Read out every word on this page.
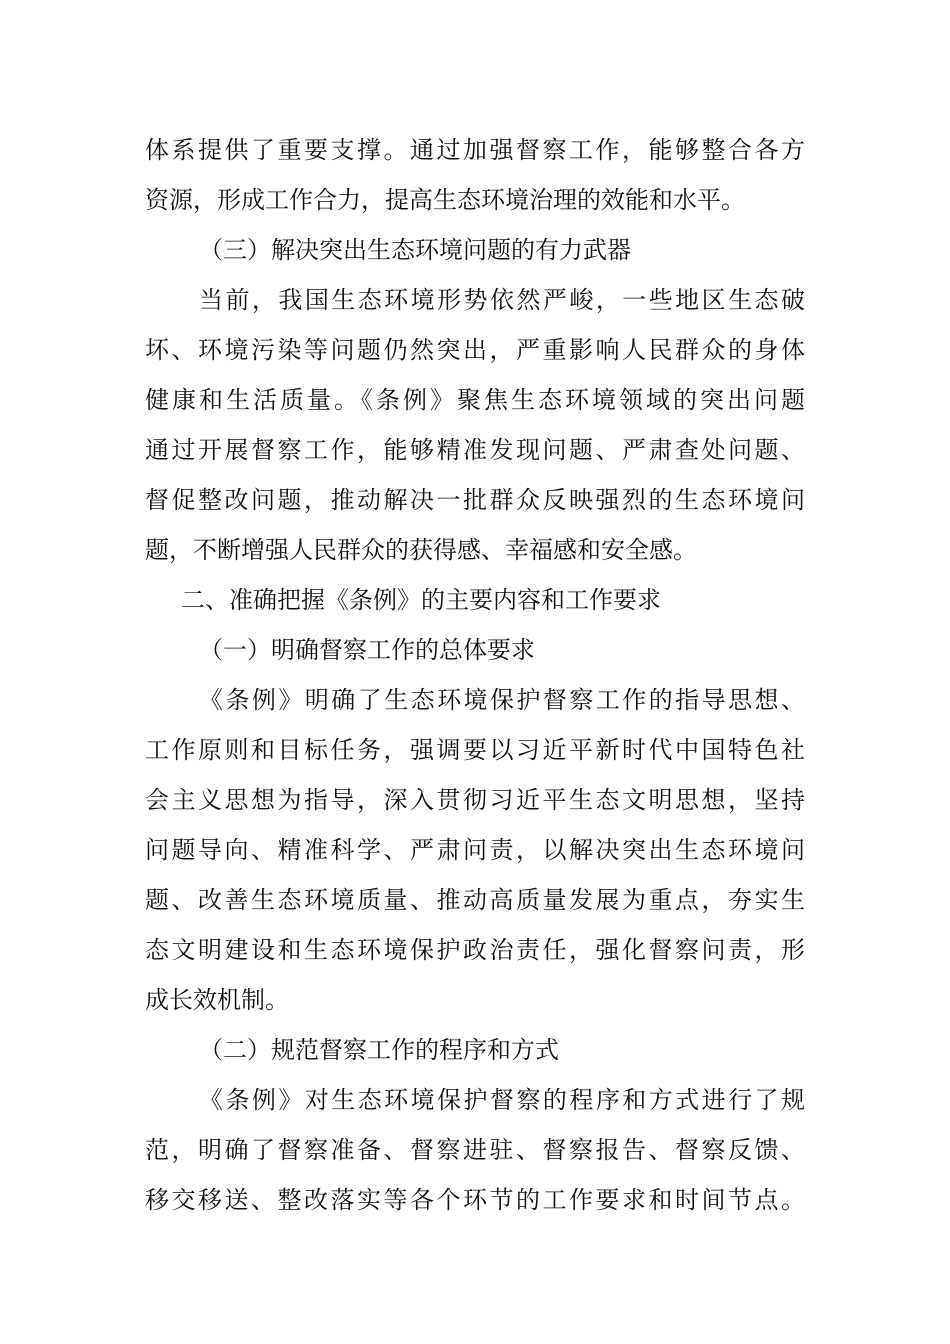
体系提供了重要支撑。通过加强督察工作，能够整合各方
资源，形成工作合力，提高生态环境治理的效能和水平。
（三）解决突出生态环境问题的有力武器
当前，我国生态环境形势依然严峻，一些地区生态破
坏、环境污染等问题仍然突出，严重影响人民群众的身体
健康和生活质量。《条例》聚焦生态环境领域的突出问题
通过开展督察工作，能够精准发现问题、严肃查处问题、
督促整改问题，推动解决一批群众反映强烈的生态环境问
题，不断增强人民群众的获得感、幸福感和安全感。
二、准确把握《条例》的主要内容和工作要求
（一）明确督察工作的总体要求
《条例》明确了生态环境保护督察工作的指导思想、
工作原则和目标任务，强调要以习近平新时代中国特色社
会主义思想为指导，深入贯彻习近平生态文明思想，坚持
问题导向、精准科学、严肃问责，以解决突出生态环境问
题、改善生态环境质量、推动高质量发展为重点，夯实生
态文明建设和生态环境保护政治责任，强化督察问责，形
成长效机制。
（二）规范督察工作的程序和方式
《条例》对生态环境保护督察的程序和方式进行了规
范，明确了督察准备、督察进驻、督察报告、督察反馈、
移交移送、整改落实等各个环节的工作要求和时间节点。
